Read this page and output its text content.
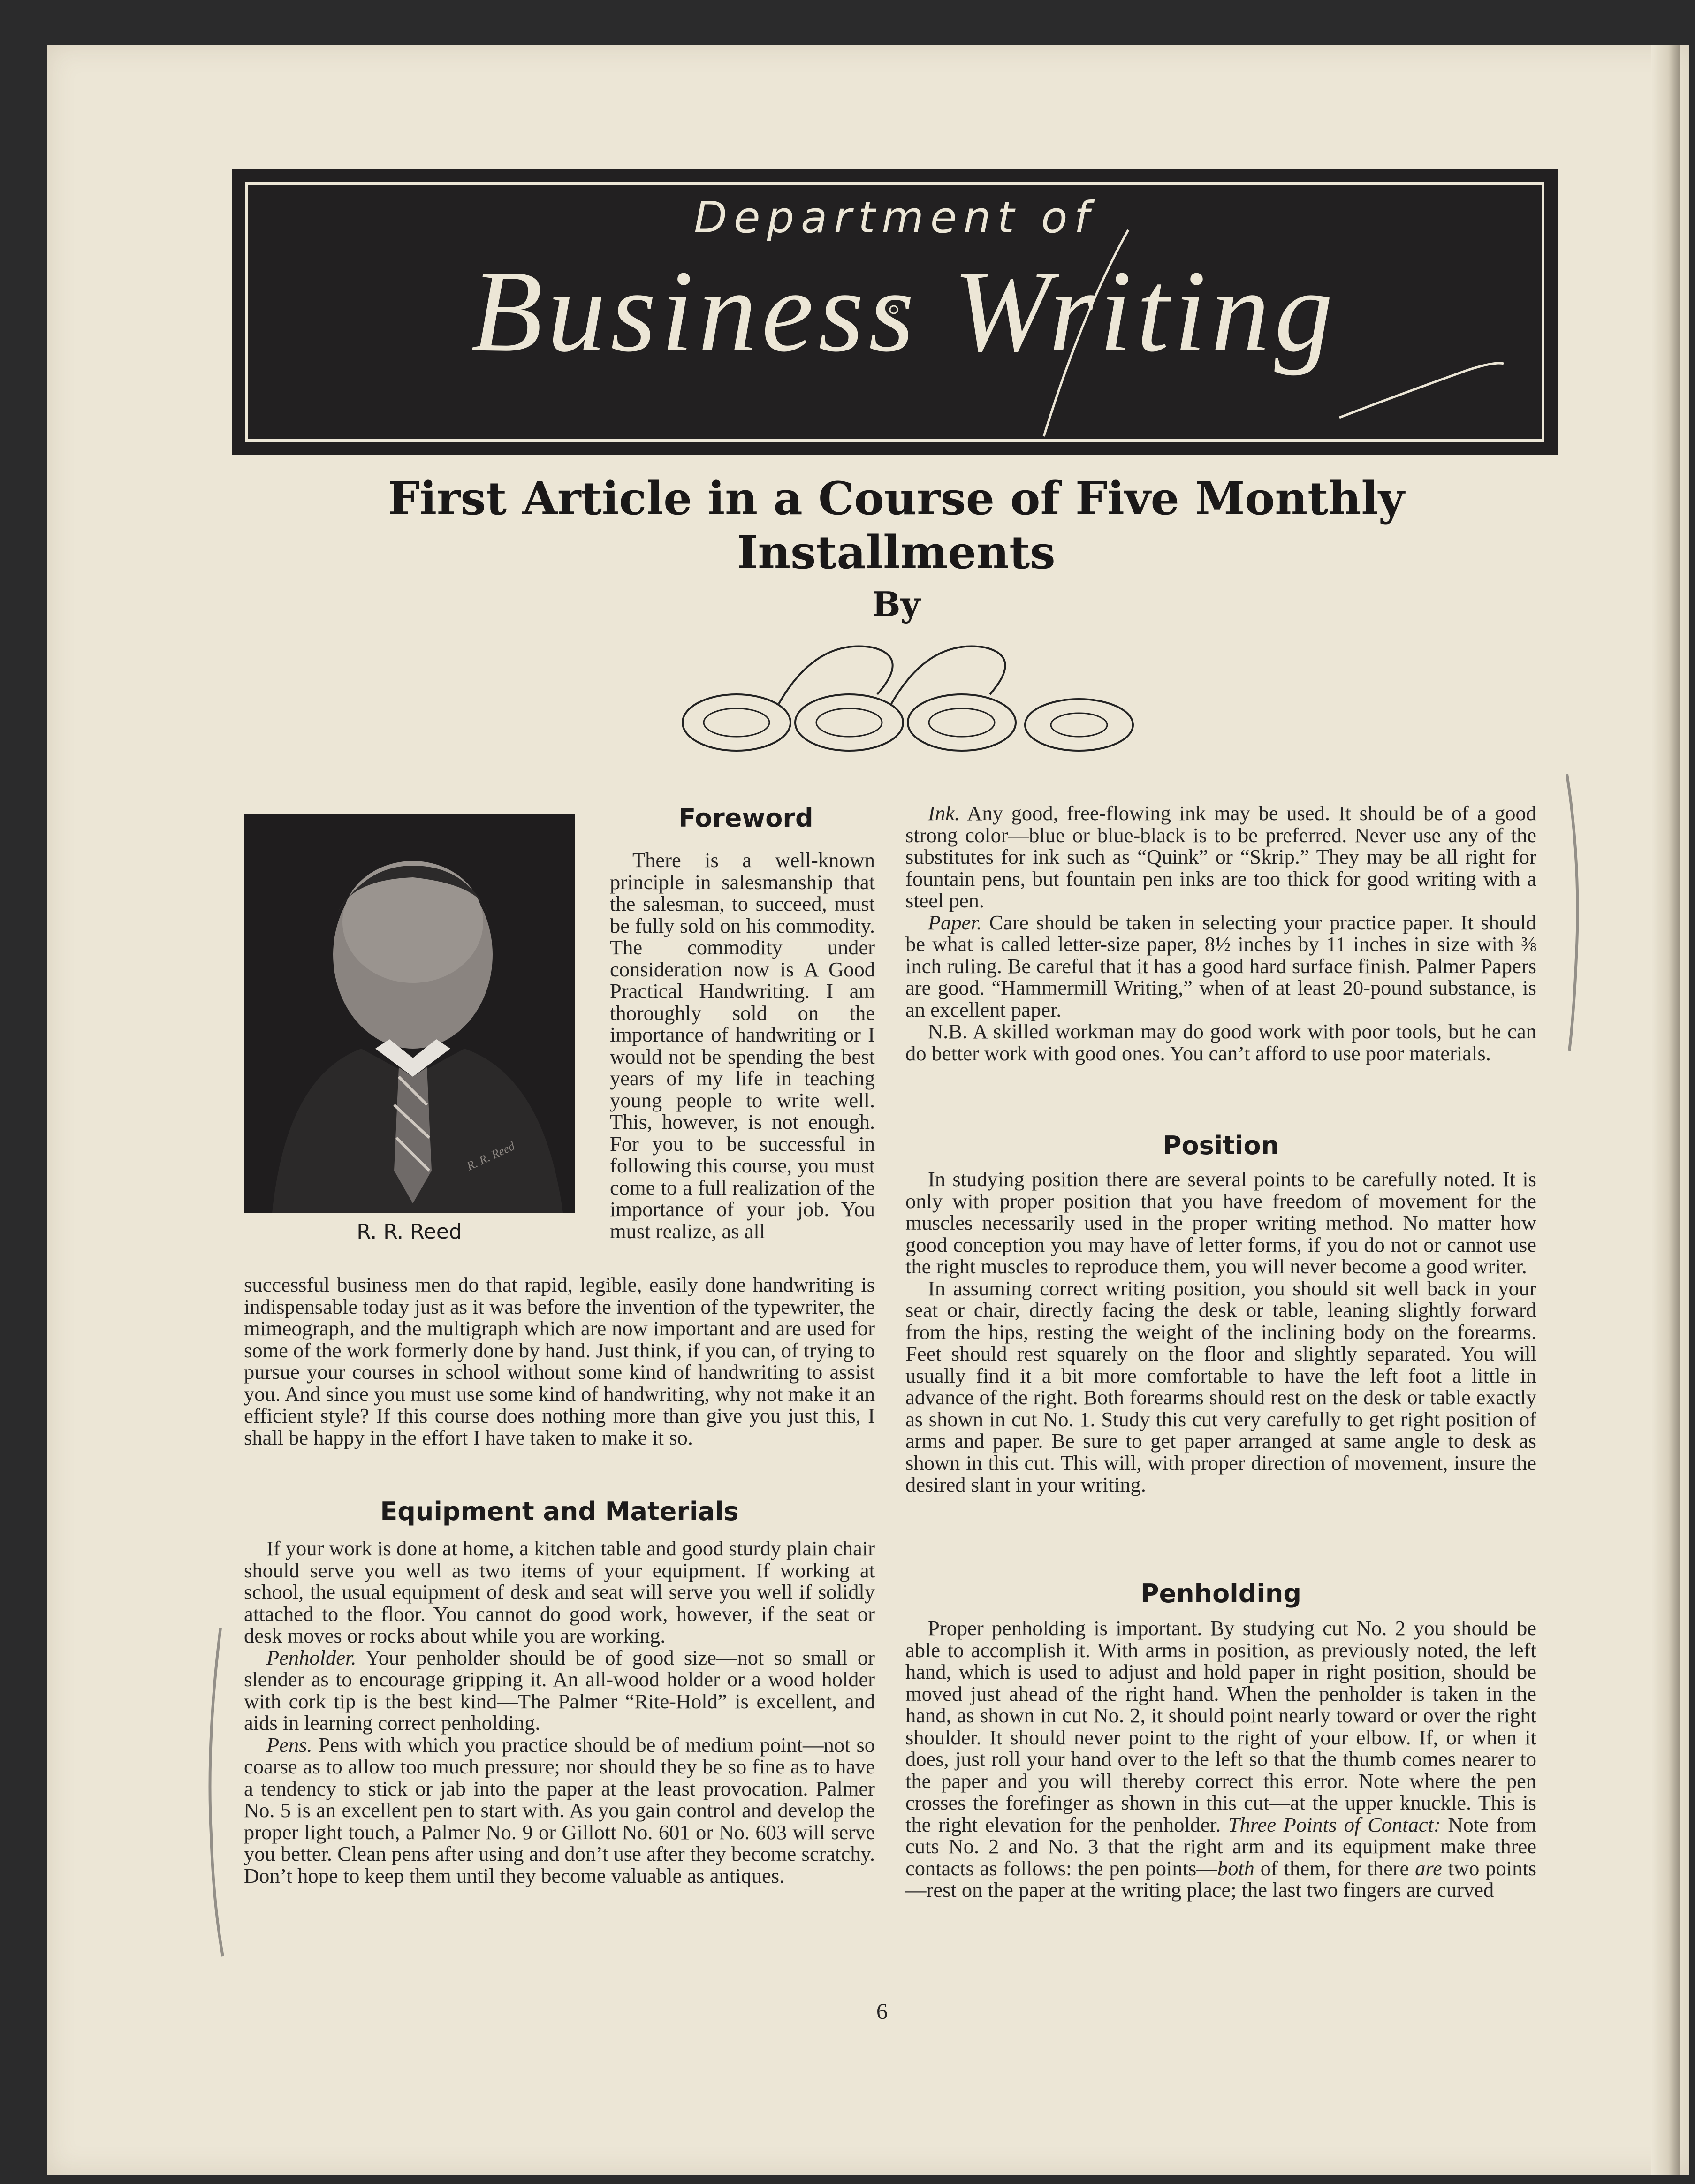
Department of
Business Writing
First Article in a Course of Five Monthly Installments
By
R. R. Reed
R. R. Reed
Foreword

There is a well-known principle in salesmanship that the salesman, to succeed, must be fully sold on his commodity. The commodity under consideration now is A Good Practical Handwriting. I am thoroughly sold on the importance of handwriting or I would not be spending the best years of my life in teaching young people to write well. This, however, is not enough. For you to be successful in following this course, you must come to a full realization of the importance of your job. You must realize, as all

successful business men do that rapid, legible, easily done handwriting is indispensable today just as it was before the invention of the typewriter, the mimeograph, and the multigraph which are now important and are used for some of the work formerly done by hand. Just think, if you can, of trying to pursue your courses in school without some kind of handwriting to assist you. And since you must use some kind of handwriting, why not make it an efficient style? If this course does nothing more than give you just this, I shall be happy in the effort I have taken to make it so.

Equipment and Materials

If your work is done at home, a kitchen table and good sturdy plain chair should serve you well as two items of your equipment. If working at school, the usual equipment of desk and seat will serve you well if solidly attached to the floor. You cannot do good work, however, if the seat or desk moves or rocks about while you are working.

Penholder. Your penholder should be of good size—not so small or slender as to encourage gripping it. An all-wood holder or a wood holder with cork tip is the best kind—The Palmer “Rite-Hold” is excellent, and aids in learning correct penholding.

Pens. Pens with which you practice should be of medium point—not so coarse as to allow too much pressure; nor should they be so fine as to have a tendency to stick or jab into the paper at the least provocation. Palmer No. 5 is an excellent pen to start with. As you gain control and develop the proper light touch, a Palmer No. 9 or Gillott No. 601 or No. 603 will serve you better. Clean pens after using and don’t use after they become scratchy. Don’t hope to keep them until they become valuable as antiques.

Ink. Any good, free-flowing ink may be used. It should be of a good strong color—blue or blue-black is to be preferred. Never use any of the substitutes for ink such as “Quink” or “Skrip.” They may be all right for fountain pens, but fountain pen inks are too thick for good writing with a steel pen.

Paper. Care should be taken in selecting your practice paper. It should be what is called letter-size paper, 8½ inches by 11 inches in size with ⅜ inch ruling. Be careful that it has a good hard surface finish. Palmer Papers are good. “Hammermill Writing,” when of at least 20-pound substance, is an excellent paper.

N.B. A skilled workman may do good work with poor tools, but he can do better work with good ones. You can’t afford to use poor materials.

Position

In studying position there are several points to be carefully noted. It is only with proper position that you have freedom of movement for the muscles necessarily used in the proper writing method. No matter how good conception you may have of letter forms, if you do not or cannot use the right muscles to reproduce them, you will never become a good writer.

In assuming correct writing position, you should sit well back in your seat or chair, directly facing the desk or table, leaning slightly forward from the hips, resting the weight of the inclining body on the forearms. Feet should rest squarely on the floor and slightly separated. You will usually find it a bit more comfortable to have the left foot a little in advance of the right. Both forearms should rest on the desk or table exactly as shown in cut No. 1. Study this cut very carefully to get right position of arms and paper. Be sure to get paper arranged at same angle to desk as shown in this cut. This will, with proper direction of movement, insure the desired slant in your writing.

Penholding

Proper penholding is important. By studying cut No. 2 you should be able to accomplish it. With arms in position, as previously noted, the left hand, which is used to adjust and hold paper in right position, should be moved just ahead of the right hand. When the penholder is taken in the hand, as shown in cut No. 2, it should point nearly toward or over the right shoulder. It should never point to the right of your elbow. If, or when it does, just roll your hand over to the left so that the thumb comes nearer to the paper and you will thereby correct this error. Note where the pen crosses the forefinger as shown in this cut—at the upper knuckle. This is the right elevation for the penholder. Three Points of Contact: Note from cuts No. 2 and No. 3 that the right arm and its equipment make three contacts as follows: the pen points—both of them, for there are two points—rest on the paper at the writing place; the last two fingers are curved

6
